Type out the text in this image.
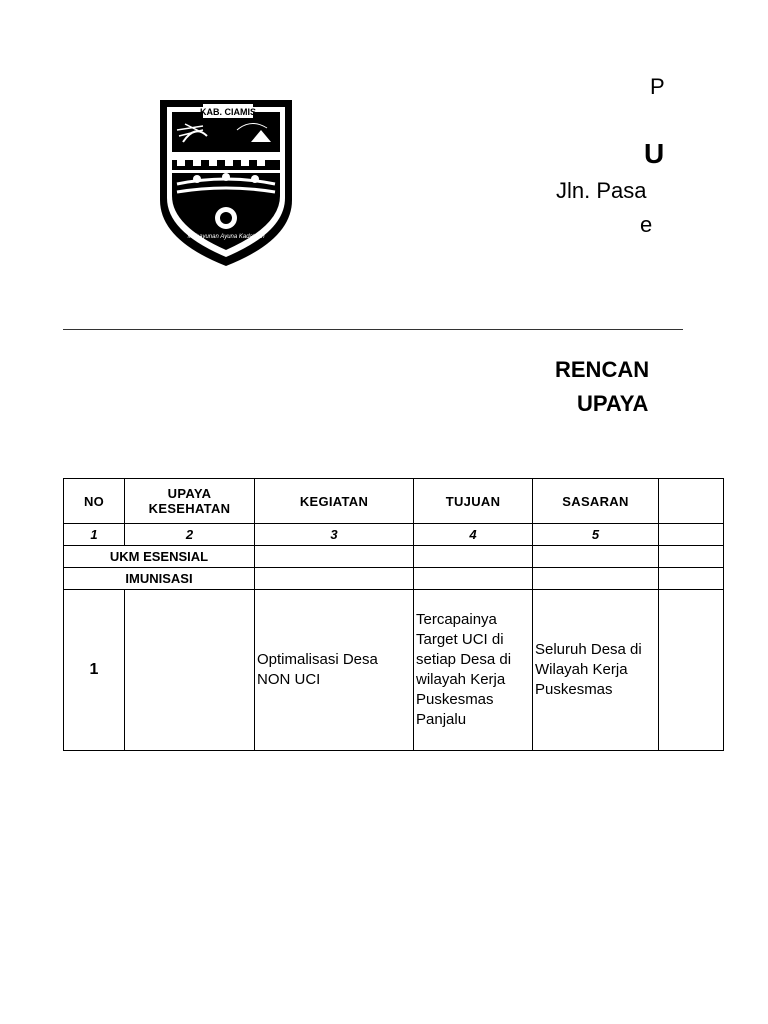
KAB. CIAMIS
Mahayunan Ayuna Kadatuan
P
U
Jln. Pasa
e
RENCAN
UPAYA
NO	UPAYA KESEHATAN	KEGIATAN	TUJUAN	SASARAN	
1	2	3	4	5	
UKM ESENSIAL					
IMUNISASI					
1		Optimalisasi Desa NON UCI	Tercapainya Target UCI di setiap Desa di wilayah Kerja Puskesmas Panjalu	Seluruh Desa di Wilayah Kerja Puskesmas	
